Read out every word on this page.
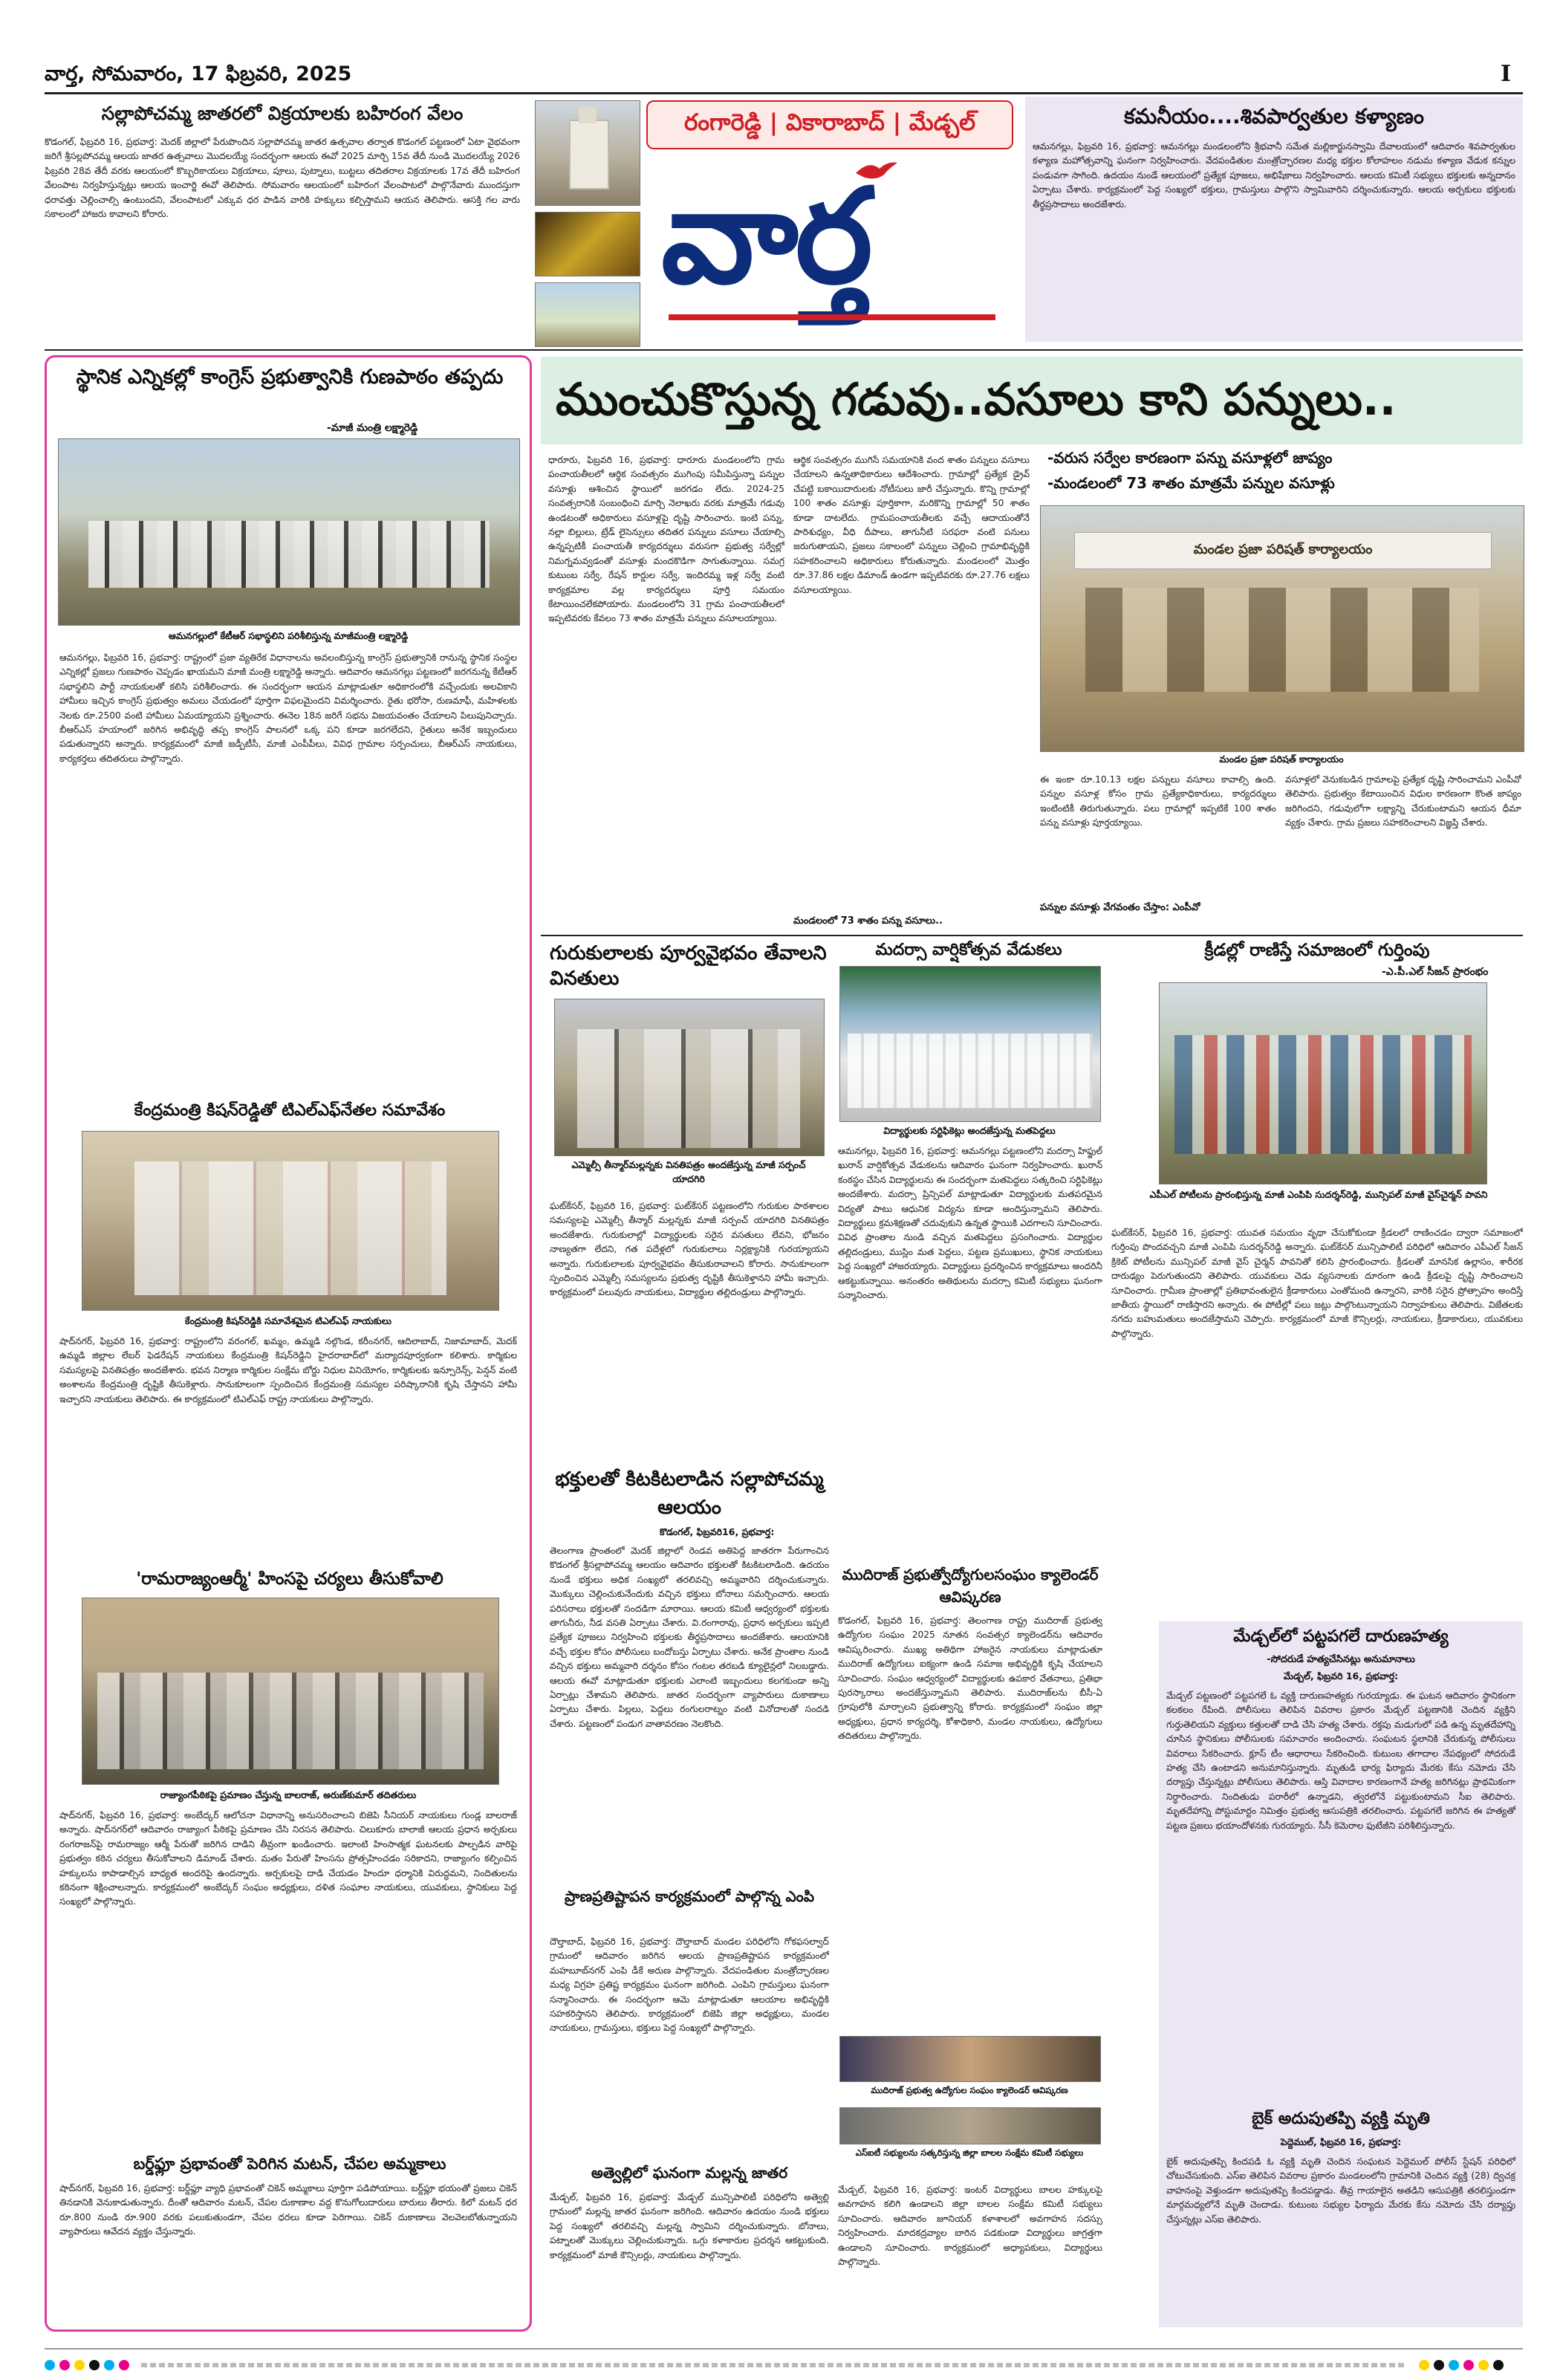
వార్త, సోమవారం, 17 ఫిబ్రవరి, 2025	I
సల్లాపోచమ్మ జాతరలో విక్రయాలకు బహిరంగ వేలం
కొడంగల్, ఫిబ్రవరి 16, ప్రభవార్త: మెదక్ జిల్లాలో పేరుపొందిన సల్లాపోచమ్మ జాతర ఉత్సవాల తర్వాత కొడంగల్ పట్టణంలో ఏటా వైభవంగా జరిగే శ్రీసల్లపోచమ్మ ఆలయ జాతర ఉత్సవాలు మొదలయ్యే సందర్భంగా ఆలయ ఈవో 2025 మార్చి 15వ తేదీ నుండి మొదలయ్యే 2026 ఫిబ్రవరి 28వ తేదీ వరకు ఆలయంలో కొబ్బరికాయలు విక్రయాలు, పూలు, పుట్నాలు, బుట్టలు తదితరాల విక్రయాలకు 17వ తేదీ బహిరంగ వేలంపాట నిర్వహిస్తున్నట్లు ఆలయ ఇంచార్జి ఈవో తెలిపారు. సోమవారం ఆలయంలో బహిరంగ వేలంపాటలో పాల్గొనేవారు ముందస్తుగా ధరావత్తు చెల్లించాల్సి ఉంటుందని, వేలంపాటలో ఎక్కువ ధర పాడిన వారికి హక్కులు కల్పిస్తామని ఆయన తెలిపారు. ఆసక్తి గల వారు సకాలంలో హాజరు కావాలని కోరారు.
రంగారెడ్డి | వికారాబాద్ | మేడ్చల్
వార్త
కమనీయం....శివపార్వతుల కళ్యాణం
ఆమనగల్లు, ఫిబ్రవరి 16, ప్రభవార్త: ఆమనగల్లు మండలంలోని శ్రీభవానీ సమేత మల్లికార్జునస్వామి దేవాలయంలో ఆదివారం శివపార్వతుల కళ్యాణ మహోత్సవాన్ని ఘనంగా నిర్వహించారు. వేదపండితుల మంత్రోచ్ఛారణల మధ్య భక్తుల కోలాహలం నడుమ కళ్యాణ వేడుక కన్నుల పండువగా సాగింది. ఉదయం నుండే ఆలయంలో ప్రత్యేక పూజలు, అభిషేకాలు నిర్వహించారు. ఆలయ కమిటీ సభ్యులు భక్తులకు అన్నదానం ఏర్పాటు చేశారు. కార్యక్రమంలో పెద్ద సంఖ్యలో భక్తులు, గ్రామస్తులు పాల్గొని స్వామివారిని దర్శించుకున్నారు. ఆలయ అర్చకులు భక్తులకు తీర్థప్రసాదాలు అందజేశారు.
స్థానిక ఎన్నికల్లో కాంగ్రెస్ ప్రభుత్వానికి గుణపాఠం తప్పదు
-మాజీ మంత్రి లక్ష్మారెడ్డి
ఆమనగల్లులో కేటీఆర్ సభాస్థలిని పరిశీలిస్తున్న మాజీమంత్రి లక్ష్మారెడ్డి
ఆమనగల్లు, ఫిబ్రవరి 16, ప్రభవార్త: రాష్ట్రంలో ప్రజా వ్యతిరేక విధానాలను అవలంబిస్తున్న కాంగ్రెస్ ప్రభుత్వానికి రానున్న స్థానిక సంస్థల ఎన్నికల్లో ప్రజలు గుణపాఠం చెప్పడం ఖాయమని మాజీ మంత్రి లక్ష్మారెడ్డి అన్నారు. ఆదివారం ఆమనగల్లు పట్టణంలో జరగనున్న కేటీఆర్ సభాస్థలిని పార్టీ నాయకులతో కలిసి పరిశీలించారు. ఈ సందర్భంగా ఆయన మాట్లాడుతూ అధికారంలోకి వచ్చేందుకు అలవికాని హామీలు ఇచ్చిన కాంగ్రెస్ ప్రభుత్వం అమలు చేయడంలో పూర్తిగా విఫలమైందని విమర్శించారు. రైతు భరోసా, రుణమాఫీ, మహిళలకు నెలకు రూ.2500 వంటి హామీలు ఏమయ్యాయని ప్రశ్నించారు. ఈనెల 18న జరిగే సభను విజయవంతం చేయాలని పిలుపునిచ్చారు. బీఆర్ఎస్ హయాంలో జరిగిన అభివృద్ధి తప్ప కాంగ్రెస్ పాలనలో ఒక్క పని కూడా జరగలేదని, రైతులు అనేక ఇబ్బందులు పడుతున్నారని అన్నారు. కార్యక్రమంలో మాజీ జడ్పీటీసీ, మాజీ ఎంపీపీలు, వివిధ గ్రామాల సర్పంచులు, బీఆర్ఎస్ నాయకులు, కార్యకర్తలు తదితరులు పాల్గొన్నారు.
కేంద్రమంత్రి కిషన్‌రెడ్డితో టిఎల్ఎఫ్‌నేతల సమావేశం
కేంద్రమంత్రి కిషన్‌రెడ్డికి సమావేశమైన టిఎల్ఎఫ్ నాయకులు
షాద్‌నగర్, ఫిబ్రవరి 16, ప్రభవార్త: రాష్ట్రంలోని వరంగల్, ఖమ్మం, ఉమ్మడి నల్గొండ, కరీంనగర్, ఆదిలాబాద్, నిజామాబాద్, మెదక్ ఉమ్మడి జిల్లాల లేబర్ ఫెడరేషన్ నాయకులు కేంద్రమంత్రి కిషన్‌రెడ్డిని హైదరాబాద్‌లో మర్యాదపూర్వకంగా కలిశారు. కార్మికుల సమస్యలపై వినతిపత్రం అందజేశారు. భవన నిర్మాణ కార్మికుల సంక్షేమ బోర్డు నిధుల వినియోగం, కార్మికులకు ఇన్సూరెన్స్, పెన్షన్ వంటి అంశాలను కేంద్రమంత్రి దృష్టికి తీసుకెళ్లారు. సానుకూలంగా స్పందించిన కేంద్రమంత్రి సమస్యల పరిష్కారానికి కృషి చేస్తానని హామీ ఇచ్చారని నాయకులు తెలిపారు. ఈ కార్యక్రమంలో టిఎల్ఎఫ్ రాష్ట్ర నాయకులు పాల్గొన్నారు.
'రామరాజ్యంఆర్మీ' హింసపై చర్యలు తీసుకోవాలి
రాజ్యాంగపీఠికపై ప్రమాణం చేస్తున్న బాలరాజ్, అరుణ్‌కుమార్ తదితరులు
షాద్‌నగర్, ఫిబ్రవరి 16, ప్రభవార్త: అంబేద్కర్ ఆలోచనా విధానాన్ని అనుసరించాలని బిజెపి సీనియర్ నాయకులు గుండ్ల బాలరాజ్ అన్నారు. షాద్‌నగర్‌లో ఆదివారం రాజ్యాంగ పీఠికపై ప్రమాణం చేసి నిరసన తెలిపారు. చిలుకూరు బాలాజీ ఆలయ ప్రధాన అర్చకులు రంగరాజన్‌పై రామరాజ్యం ఆర్మీ పేరుతో జరిగిన దాడిని తీవ్రంగా ఖండించారు. ఇలాంటి హింసాత్మక ఘటనలకు పాల్పడిన వారిపై ప్రభుత్వం కఠిన చర్యలు తీసుకోవాలని డిమాండ్ చేశారు. మతం పేరుతో హింసను ప్రోత్సహించడం సరికాదని, రాజ్యాంగం కల్పించిన హక్కులను కాపాడాల్సిన బాధ్యత అందరిపై ఉందన్నారు. అర్చకులపై దాడి చేయడం హిందూ ధర్మానికి విరుద్ధమని, నిందితులను కఠినంగా శిక్షించాలన్నారు. కార్యక్రమంలో అంబేద్కర్ సంఘం అధ్యక్షులు, దళిత సంఘాల నాయకులు, యువకులు, స్థానికులు పెద్ద సంఖ్యలో పాల్గొన్నారు.
బర్డ్‌ఫ్లూ ప్రభావంతో పెరిగిన మటన్, చేపల అమ్మకాలు
షాద్‌నగర్, ఫిబ్రవరి 16, ప్రభవార్త: బర్డ్‌ఫ్లూ వ్యాధి ప్రభావంతో చికెన్ అమ్మకాలు పూర్తిగా పడిపోయాయి. బర్డ్‌ఫ్లూ భయంతో ప్రజలు చికెన్ తినడానికి వెనుకాడుతున్నారు. దీంతో ఆదివారం మటన్, చేపల దుకాణాల వద్ద కొనుగోలుదారులు బారులు తీరారు. కిలో మటన్ ధర రూ.800 నుండి రూ.900 వరకు పలుకుతుండగా, చేపల ధరలు కూడా పెరిగాయి. చికెన్ దుకాణాలు వెలవెలబోతున్నాయని వ్యాపారులు ఆవేదన వ్యక్తం చేస్తున్నారు.
ముంచుకొస్తున్న గడువు..వసూలు కాని పన్నులు..
ధారూరు, ఫిబ్రవరి 16, ప్రభవార్త: ధారూరు మండలంలోని గ్రామ పంచాయతీలలో ఆర్థిక సంవత్సరం ముగింపు సమీపిస్తున్నా పన్నుల వసూళ్లు ఆశించిన స్థాయిలో జరగడం లేదు. 2024-25 సంవత్సరానికి సంబంధించి మార్చి నెలాఖరు వరకు మాత్రమే గడువు ఉండటంతో అధికారులు వసూళ్లపై దృష్టి సారించారు. ఇంటి పన్ను, నల్లా బిల్లులు, ట్రేడ్ లైసెన్సులు తదితర పన్నులు వసూలు చేయాల్సి ఉన్నప్పటికీ పంచాయతీ కార్యదర్శులు వరుసగా ప్రభుత్వ సర్వేల్లో నిమగ్నమవ్వడంతో వసూళ్లు మందకొడిగా సాగుతున్నాయి. సమగ్ర కుటుంబ సర్వే, రేషన్ కార్డుల సర్వే, ఇందిరమ్మ ఇళ్ల సర్వే వంటి కార్యక్రమాల వల్ల కార్యదర్శులు పూర్తి సమయం కేటాయించలేకపోయారు. మండలంలోని 31 గ్రామ పంచాయతీలలో ఇప్పటివరకు కేవలం 73 శాతం మాత్రమే పన్నులు వసూలయ్యాయి.
ఆర్థిక సంవత్సరం ముగిసే సమయానికి వంద శాతం పన్నులు వసూలు చేయాలని ఉన్నతాధికారులు ఆదేశించారు. గ్రామాల్లో ప్రత్యేక డ్రైవ్ చేపట్టి బకాయిదారులకు నోటీసులు జారీ చేస్తున్నారు. కొన్ని గ్రామాల్లో 100 శాతం వసూళ్లు పూర్తికాగా, మరికొన్ని గ్రామాల్లో 50 శాతం కూడా దాటలేదు. గ్రామపంచాయతీలకు వచ్చే ఆదాయంతోనే పారిశుధ్యం, వీధి దీపాలు, తాగునీటి సరఫరా వంటి పనులు జరుగుతాయని, ప్రజలు సకాలంలో పన్నులు చెల్లించి గ్రామాభివృద్ధికి సహకరించాలని అధికారులు కోరుతున్నారు. మండలంలో మొత్తం రూ.37.86 లక్షల డిమాండ్ ఉండగా ఇప్పటివరకు రూ.27.76 లక్షలు వసూలయ్యాయి.
మండలంలో 73 శాతం పన్ను వసూలు..
-వరుస సర్వేల కారణంగా పన్ను వసూళ్లలో జాప్యం
-మండలంలో 73 శాతం మాత్రమే పన్నుల వసూళ్లు
మండల ప్రజా పరిషత్ కార్యాలయం
మండల ప్రజా పరిషత్ కార్యాలయం
ఈ ఇంకా రూ.10.13 లక్షల పన్నులు వసూలు కావాల్సి ఉంది. పన్నుల వసూళ్ల కోసం గ్రామ ప్రత్యేకాధికారులు, కార్యదర్శులు ఇంటింటికీ తిరుగుతున్నారు. పలు గ్రామాల్లో ఇప్పటికే 100 శాతం పన్ను వసూళ్లు పూర్తయ్యాయి.
వసూళ్లలో వెనుకబడిన గ్రామాలపై ప్రత్యేక దృష్టి సారించామని ఎంపీవో తెలిపారు. ప్రభుత్వం కేటాయించిన విధుల కారణంగా కొంత జాప్యం జరిగిందని, గడువులోగా లక్ష్యాన్ని చేరుకుంటామని ఆయన ధీమా వ్యక్తం చేశారు. గ్రామ ప్రజలు సహకరించాలని విజ్ఞప్తి చేశారు.
పన్నుల వసూళ్లు వేగవంతం చేస్తాం: ఎంపీవో
గురుకులాలకు పూర్వవైభవం తేవాలని వినతులు
ఎమ్మెల్సీ తీన్మార్‌మల్లన్నకు వినతిపత్రం అందజేస్తున్న మాజీ సర్పంచ్ యాదగిరి
ఘట్‌కేసర్, ఫిబ్రవరి 16, ప్రభవార్త: ఘట్‌కేసర్ పట్టణంలోని గురుకుల పాఠశాలల సమస్యలపై ఎమ్మెల్సీ తీన్మార్ మల్లన్నకు మాజీ సర్పంచ్ యాదగిరి వినతిపత్రం అందజేశారు. గురుకులాల్లో విద్యార్థులకు సరైన వసతులు లేవని, భోజనం నాణ్యతగా లేదని, గత పదేళ్లలో గురుకులాలు నిర్లక్ష్యానికి గురయ్యాయని అన్నారు. గురుకులాలకు పూర్వవైభవం తీసుకురావాలని కోరారు. సానుకూలంగా స్పందించిన ఎమ్మెల్సీ సమస్యలను ప్రభుత్వ దృష్టికి తీసుకెళ్తానని హామీ ఇచ్చారు. కార్యక్రమంలో పలువురు నాయకులు, విద్యార్థుల తల్లిదండ్రులు పాల్గొన్నారు.
భక్తులతో కిటకిటలాడిన సల్లాపోచమ్మ ఆలయం
కొడంగల్, ఫిబ్రవరి16, ప్రభవార్త:
తెలంగాణ ప్రాంతంలో మెదక్ జిల్లాలో రెండవ అతిపెద్ద జాతరగా పేరుగాంచిన కొడంగల్ శ్రీసల్లాపోచమ్మ ఆలయం ఆదివారం భక్తులతో కిటకిటలాడింది. ఉదయం నుండే భక్తులు అధిక సంఖ్యలో తరలివచ్చి అమ్మవారిని దర్శించుకున్నారు. మొక్కులు చెల్లించుకునేందుకు వచ్చిన భక్తులు బోనాలు సమర్పించారు. ఆలయ పరిసరాలు భక్తులతో సందడిగా మారాయి. ఆలయ కమిటీ ఆధ్వర్యంలో భక్తులకు తాగునీరు, నీడ వసతి ఏర్పాటు చేశారు. వి.రంగారావు, ప్రధాన అర్చకులు ఇప్పటి ప్రత్యేక పూజలు నిర్వహించి భక్తులకు తీర్థప్రసాదాలు అందజేశారు. ఆలయానికి వచ్చే భక్తుల కోసం పోలీసులు బందోబస్తు ఏర్పాటు చేశారు. అనేక ప్రాంతాల నుండి వచ్చిన భక్తులు అమ్మవారి దర్శనం కోసం గంటల తరబడి క్యూలైన్లలో నిలబడ్డారు. ఆలయ ఈవో మాట్లాడుతూ భక్తులకు ఎలాంటి ఇబ్బందులు కలగకుండా అన్ని ఏర్పాట్లు చేశామని తెలిపారు. జాతర సందర్భంగా వ్యాపారులు దుకాణాలు ఏర్పాటు చేశారు. పిల్లలు, పెద్దలు రంగులరాట్నం వంటి వినోదాలతో సందడి చేశారు. పట్టణంలో పండుగ వాతావరణం నెలకొంది.
ప్రాణప్రతిష్టాపన కార్యక్రమంలో పాల్గొన్న ఎంపి
దౌల్తాబాద్, ఫిబ్రవరి 16, ప్రభవార్త: దౌల్తాబాద్ మండల పరిధిలోని గోకఫసల్వాద్ గ్రామంలో ఆదివారం జరిగిన ఆలయ ప్రాణప్రతిష్టాపన కార్యక్రమంలో మహబూబ్‌నగర్ ఎంపి డీకే అరుణ పాల్గొన్నారు. వేదపండితుల మంత్రోచ్ఛారణల మధ్య విగ్రహ ప్రతిష్ట కార్యక్రమం ఘనంగా జరిగింది. ఎంపిని గ్రామస్తులు ఘనంగా సన్మానించారు. ఈ సందర్భంగా ఆమె మాట్లాడుతూ ఆలయాల అభివృద్ధికి సహకరిస్తానని తెలిపారు. కార్యక్రమంలో బిజెపి జిల్లా అధ్యక్షులు, మండల నాయకులు, గ్రామస్తులు, భక్తులు పెద్ద సంఖ్యలో పాల్గొన్నారు.
అత్వెల్లిలో ఘనంగా మల్లన్న జాతర
మేడ్చల్, ఫిబ్రవరి 16, ప్రభవార్త: మేడ్చల్ మున్సిపాలిటీ పరిధిలోని అత్వెల్లి గ్రామంలో మల్లన్న జాతర ఘనంగా జరిగింది. ఆదివారం ఉదయం నుండి భక్తులు పెద్ద సంఖ్యలో తరలివచ్చి మల్లన్న స్వామిని దర్శించుకున్నారు. బోనాలు, పట్నాలతో మొక్కులు చెల్లించుకున్నారు. ఒగ్గు కళాకారుల ప్రదర్శన ఆకట్టుకుంది. కార్యక్రమంలో మాజీ కౌన్సిలర్లు, నాయకులు పాల్గొన్నారు.
మదర్సా వార్షికోత్సవ వేడుకలు
విద్యార్థులకు సర్టిఫికెట్లు అందజేస్తున్న మతపెద్దలు
ఆమనగల్లు, ఫిబ్రవరి 16, ప్రభవార్త: ఆమనగల్లు పట్టణంలోని మదర్సా హిఫ్జుల్ ఖురాన్ వార్షికోత్సవ వేడుకలను ఆదివారం ఘనంగా నిర్వహించారు. ఖురాన్ కంఠస్థం చేసిన విద్యార్థులను ఈ సందర్భంగా మతపెద్దలు సత్కరించి సర్టిఫికెట్లు అందజేశారు. మదర్సా ప్రిన్సిపల్ మాట్లాడుతూ విద్యార్థులకు మతపరమైన విద్యతో పాటు ఆధునిక విద్యను కూడా అందిస్తున్నామని తెలిపారు. విద్యార్థులు క్రమశిక్షణతో చదువుకుని ఉన్నత స్థాయికి ఎదగాలని సూచించారు. వివిధ ప్రాంతాల నుండి వచ్చిన మతపెద్దలు ప్రసంగించారు. విద్యార్థుల తల్లిదండ్రులు, ముస్లిం మత పెద్దలు, పట్టణ ప్రముఖులు, స్థానిక నాయకులు పెద్ద సంఖ్యలో హాజరయ్యారు. విద్యార్థులు ప్రదర్శించిన కార్యక్రమాలు అందరినీ ఆకట్టుకున్నాయి. అనంతరం అతిథులను మదర్సా కమిటీ సభ్యులు ఘనంగా సన్మానించారు.
ముదిరాజ్ ప్రభుత్వోద్యోగులసంఘం క్యాలెండర్ ఆవిష్కరణ
కొడంగల్, ఫిబ్రవరి 16, ప్రభవార్త: తెలంగాణ రాష్ట్ర ముదిరాజ్ ప్రభుత్వ ఉద్యోగుల సంఘం 2025 నూతన సంవత్సర క్యాలెండర్‌ను ఆదివారం ఆవిష్కరించారు. ముఖ్య అతిథిగా హాజరైన నాయకులు మాట్లాడుతూ ముదిరాజ్ ఉద్యోగులు ఐక్యంగా ఉండి సమాజ అభివృద్ధికి కృషి చేయాలని సూచించారు. సంఘం ఆధ్వర్యంలో విద్యార్థులకు ఉపకార వేతనాలు, ప్రతిభా పురస్కారాలు అందజేస్తున్నామని తెలిపారు. ముదిరాజ్‌లను బీసీ-ఏ గ్రూపులోకి మార్చాలని ప్రభుత్వాన్ని కోరారు. కార్యక్రమంలో సంఘం జిల్లా అధ్యక్షులు, ప్రధాన కార్యదర్శి, కోశాధికారి, మండల నాయకులు, ఉద్యోగులు తదితరులు పాల్గొన్నారు.
ముదిరాజ్ ప్రభుత్వ ఉద్యోగుల సంఘం క్యాలెండర్ ఆవిష్కరణ
ఎస్‌ఐటీ సభ్యులను సత్కరిస్తున్న జిల్లా బాలల సంక్షేమ కమిటీ సభ్యులు
మేడ్చల్, ఫిబ్రవరి 16, ప్రభవార్త: ఇంటర్ విద్యార్థులు బాలల హక్కులపై అవగాహన కలిగి ఉండాలని జిల్లా బాలల సంక్షేమ కమిటీ సభ్యులు సూచించారు. ఆదివారం జూనియర్ కళాశాలలో అవగాహన సదస్సు నిర్వహించారు. మాదకద్రవ్యాల బారిన పడకుండా విద్యార్థులు జాగ్రత్తగా ఉండాలని సూచించారు. కార్యక్రమంలో అధ్యాపకులు, విద్యార్థులు పాల్గొన్నారు.
క్రీడల్లో రాణిస్తే సమాజంలో గుర్తింపు
-ఎ.పీ.ఎల్ సీజన్ ప్రారంభం
ఎపీఎల్ పోటీలను ప్రారంభిస్తున్న మాజీ ఎంపిపి సుదర్శన్‌రెడ్డి, మున్సిపల్ మాజీ వైస్‌చైర్మన్ పావని
ఘట్‌కేసర్, ఫిబ్రవరి 16, ప్రభవార్త: యువత సమయం వృథా చేసుకోకుండా క్రీడలలో రాణించడం ద్వారా సమాజంలో గుర్తింపు పొందవచ్చని మాజీ ఎంపిపి సుదర్శన్‌రెడ్డి అన్నారు. ఘట్‌కేసర్ మున్సిపాలిటీ పరిధిలో ఆదివారం ఎపీఎల్ సీజన్ క్రికెట్ పోటీలను మున్సిపల్ మాజీ వైస్ చైర్మన్ పావనితో కలిసి ప్రారంభించారు. క్రీడలతో మానసిక ఉల్లాసం, శారీరక దారుఢ్యం పెరుగుతుందని తెలిపారు. యువకులు చెడు వ్యసనాలకు దూరంగా ఉండి క్రీడలపై దృష్టి సారించాలని సూచించారు. గ్రామీణ ప్రాంతాల్లో ప్రతిభావంతులైన క్రీడాకారులు ఎంతోమంది ఉన్నారని, వారికి సరైన ప్రోత్సాహం అందిస్తే జాతీయ స్థాయిలో రాణిస్తారని అన్నారు. ఈ పోటీల్లో పలు జట్లు పాల్గొంటున్నాయని నిర్వాహకులు తెలిపారు. విజేతలకు నగదు బహుమతులు అందజేస్తామని చెప్పారు. కార్యక్రమంలో మాజీ కౌన్సిలర్లు, నాయకులు, క్రీడాకారులు, యువకులు పాల్గొన్నారు.
మేడ్చల్‌లో పట్టపగలే దారుణహత్య
-సోదరుడే హత్యచేసినట్లు అనుమానాలు
మేడ్చల్, ఫిబ్రవరి 16, ప్రభవార్త:
మేడ్చల్ పట్టణంలో పట్టపగలే ఓ వ్యక్తి దారుణహత్యకు గురయ్యాడు. ఈ ఘటన ఆదివారం స్థానికంగా కలకలం రేపింది. పోలీసులు తెలిపిన వివరాల ప్రకారం మేడ్చల్ పట్టణానికి చెందిన వ్యక్తిని గుర్తుతెలియని వ్యక్తులు కత్తులతో దాడి చేసి హత్య చేశారు. రక్తపు మడుగులో పడి ఉన్న మృతదేహాన్ని చూసిన స్థానికులు పోలీసులకు సమాచారం అందించారు. సంఘటన స్థలానికి చేరుకున్న పోలీసులు వివరాలు సేకరించారు. క్లూస్ టీం ఆధారాలు సేకరించింది. కుటుంబ తగాదాల నేపథ్యంలో సోదరుడే హత్య చేసి ఉంటాడని అనుమానిస్తున్నారు. మృతుడి భార్య ఫిర్యాదు మేరకు కేసు నమోదు చేసి దర్యాప్తు చేస్తున్నట్లు పోలీసులు తెలిపారు. ఆస్తి వివాదాల కారణంగానే హత్య జరిగినట్లు ప్రాథమికంగా నిర్ధారించారు. నిందితుడు పరారీలో ఉన్నాడని, త్వరలోనే పట్టుకుంటామని సీఐ తెలిపారు. మృతదేహాన్ని పోస్టుమార్టం నిమిత్తం ప్రభుత్వ ఆసుపత్రికి తరలించారు. పట్టపగలే జరిగిన ఈ హత్యతో పట్టణ ప్రజలు భయాందోళనకు గురయ్యారు. సీసీ కెమెరాల ఫుటేజీని పరిశీలిస్తున్నారు.
బైక్ అదుపుతప్పి వ్యక్తి మృతి
పెద్దెముల్, ఫిబ్రవరి 16, ప్రభవార్త:
బైక్ అదుపుతప్పి కిందపడి ఓ వ్యక్తి మృతి చెందిన సంఘటన పెద్దెముల్ పోలీస్ స్టేషన్ పరిధిలో చోటుచేసుకుంది. ఎస్ఐ తెలిపిన వివరాల ప్రకారం మండలంలోని గ్రామానికి చెందిన వ్యక్తి (28) ద్విచక్ర వాహనంపై వెళ్తుండగా అదుపుతప్పి కిందపడ్డాడు. తీవ్ర గాయాలైన అతడిని ఆసుపత్రికి తరలిస్తుండగా మార్గమధ్యలోనే మృతి చెందాడు. కుటుంబ సభ్యుల ఫిర్యాదు మేరకు కేసు నమోదు చేసి దర్యాప్తు చేస్తున్నట్లు ఎస్ఐ తెలిపారు.
